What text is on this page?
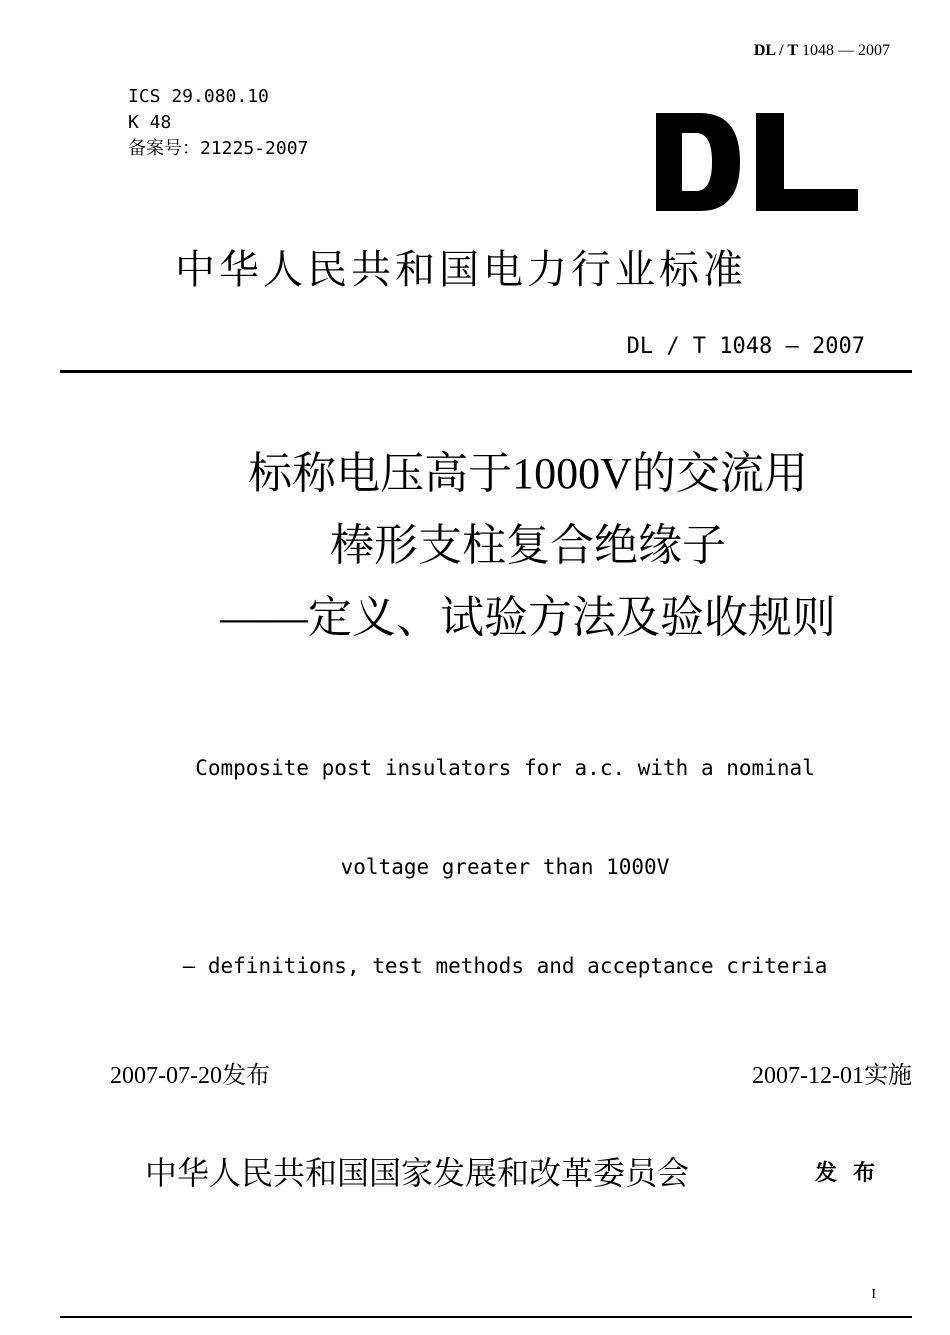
DL / T 1048 — 2007
ICS 29.080.10
K 48
备案号：21225-2007
中华人民共和国电力行业标准
DL / T 1048 — 2007
标称电压高于1000V的交流用
棒形支柱复合绝缘子
——定义、试验方法及验收规则

Composite post insulators for a.c. with a nominal

voltage greater than 1000V

— definitions, test methods and acceptance criteria

2007-07-20发布	2007-12-01实施
中华人民共和国国家发展和改革委员会	发布
I
